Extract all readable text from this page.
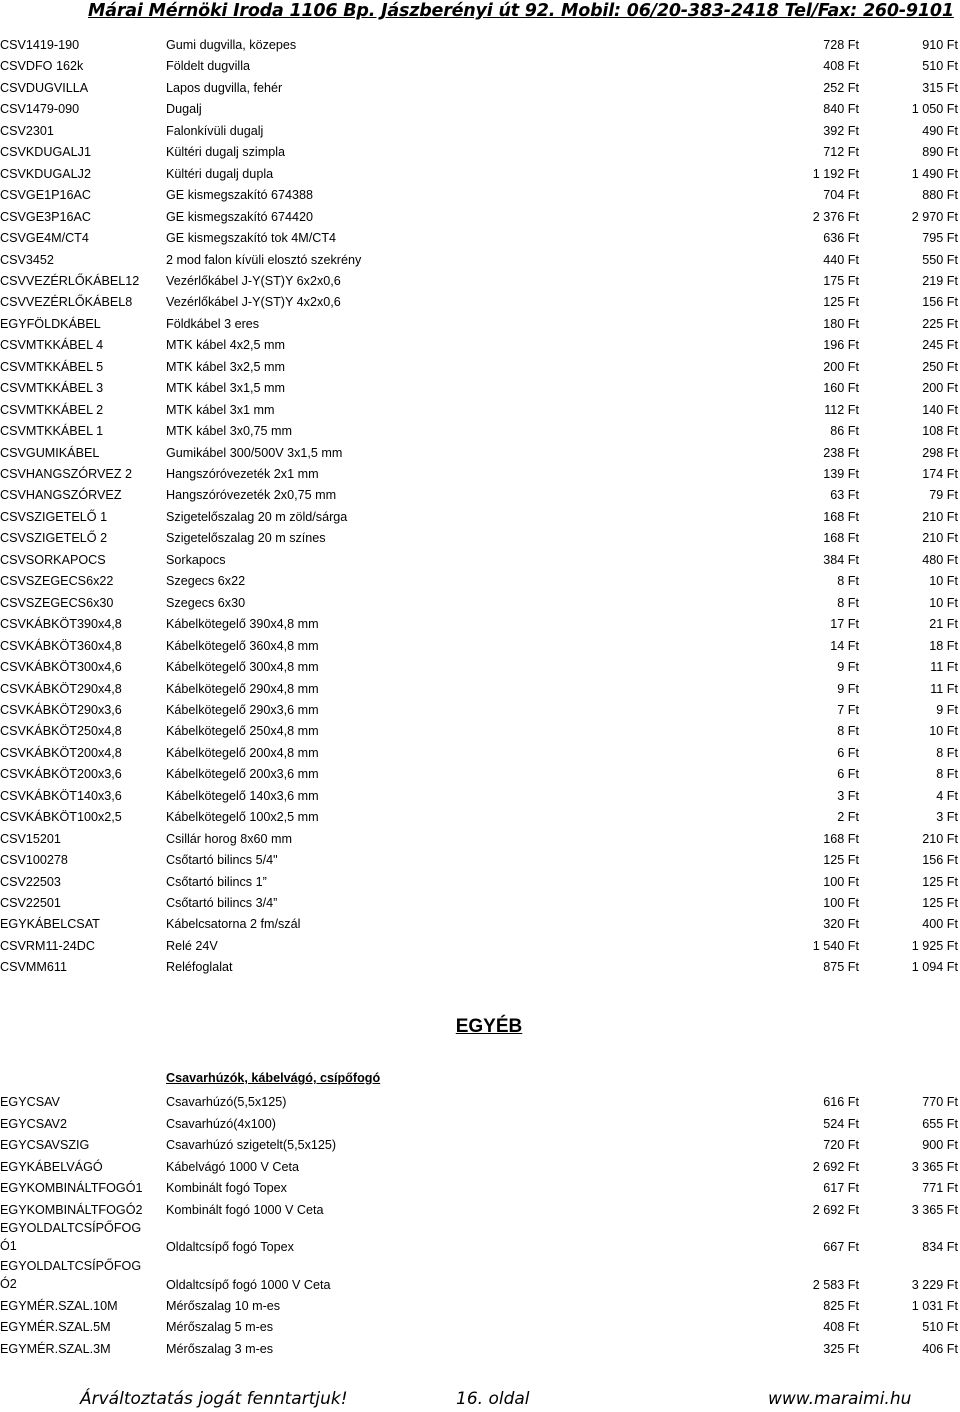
Márai Mérnöki Iroda 1106 Bp. Jászberényi út 92. Mobil: 06/20-383-2418 Tel/Fax: 260-9101
CSV1419-190	Gumi dugvilla, közepes	728 Ft	910 Ft
CSVDFO 162k	Földelt dugvilla	408 Ft	510 Ft
CSVDUGVILLA	Lapos dugvilla, fehér	252 Ft	315 Ft
CSV1479-090	Dugalj	840 Ft	1 050 Ft
CSV2301	Falonkívüli dugalj	392 Ft	490 Ft
CSVKDUGALJ1	Kültéri dugalj szimpla	712 Ft	890 Ft
CSVKDUGALJ2	Kültéri dugalj dupla	1 192 Ft	1 490 Ft
CSVGE1P16AC	GE kismegszakító 674388	704 Ft	880 Ft
CSVGE3P16AC	GE kismegszakító 674420	2 376 Ft	2 970 Ft
CSVGE4M/CT4	GE kismegszakító tok 4M/CT4	636 Ft	795 Ft
CSV3452	2 mod falon kívüli elosztó szekrény	440 Ft	550 Ft
CSVVEZÉRLŐKÁBEL12 Vezérlőkábel J-Y(ST)Y 6x2x0,6	175 Ft	219 Ft
CSVVEZÉRLŐKÁBEL8	Vezérlőkábel J-Y(ST)Y 4x2x0,6	125 Ft	156 Ft
EGYFÖLDKÁBEL	Földkábel 3 eres	180 Ft	225 Ft
CSVMTKKÁBEL 4	MTK kábel 4x2,5 mm	196 Ft	245 Ft
CSVMTKKÁBEL 5	MTK kábel 3x2,5 mm	200 Ft	250 Ft
CSVMTKKÁBEL 3	MTK kábel 3x1,5 mm	160 Ft	200 Ft
CSVMTKKÁBEL 2	MTK kábel 3x1 mm	112 Ft	140 Ft
CSVMTKKÁBEL 1	MTK kábel 3x0,75 mm	86 Ft	108 Ft
CSVGUMIKÁBEL	Gumikábel 300/500V 3x1,5 mm	238 Ft	298 Ft
CSVHANGSZÓRVEZ 2	Hangszóróvezeték 2x1 mm	139 Ft	174 Ft
CSVHANGSZÓRVEZ	Hangszóróvezeték 2x0,75 mm	63 Ft	79 Ft
CSVSZIGETELŐ 1	Szigetelőszalag 20 m zöld/sárga	168 Ft	210 Ft
CSVSZIGETELŐ 2	Szigetelőszalag 20 m színes	168 Ft	210 Ft
CSVSORKAPOCS	Sorkapocs	384 Ft	480 Ft
CSVSZEGECS6x22	Szegecs 6x22	8 Ft	10 Ft
CSVSZEGECS6x30	Szegecs 6x30	8 Ft	10 Ft
CSVKÁBKÖT390x4,8	Kábelkötegelő 390x4,8 mm	17 Ft	21 Ft
CSVKÁBKÖT360x4,8	Kábelkötegelő 360x4,8 mm	14 Ft	18 Ft
CSVKÁBKÖT300x4,6	Kábelkötegelő 300x4,8 mm	9 Ft	11 Ft
CSVKÁBKÖT290x4,8	Kábelkötegelő 290x4,8 mm	9 Ft	11 Ft
CSVKÁBKÖT290x3,6	Kábelkötegelő 290x3,6 mm	7 Ft	9 Ft
CSVKÁBKÖT250x4,8	Kábelkötegelő 250x4,8 mm	8 Ft	10 Ft
CSVKÁBKÖT200x4,8	Kábelkötegelő 200x4,8 mm	6 Ft	8 Ft
CSVKÁBKÖT200x3,6	Kábelkötegelő 200x3,6 mm	6 Ft	8 Ft
CSVKÁBKÖT140x3,6	Kábelkötegelő 140x3,6 mm	3 Ft	4 Ft
CSVKÁBKÖT100x2,5	Kábelkötegelő 100x2,5 mm	2 Ft	3 Ft
CSV15201	Csillár horog 8x60 mm	168 Ft	210 Ft
CSV100278	Csőtartó bilincs 5/4"	125 Ft	156 Ft
CSV22503	Csőtartó bilincs 1”	100 Ft	125 Ft
CSV22501	Csőtartó bilincs 3/4”	100 Ft	125 Ft
EGYKÁBELCSAT	Kábelcsatorna 2 fm/szál	320 Ft	400 Ft
CSVRM11-24DC	Relé 24V	1 540 Ft	1 925 Ft
CSVMM611	Reléfoglalat	875 Ft	1 094 Ft
EGYÉB
Csavarhúzók, kábelvágó, csípőfogó
EGYCSAV	Csavarhúzó(5,5x125)	616 Ft	770 Ft
EGYCSAV2	Csavarhúzó(4x100)	524 Ft	655 Ft
EGYCSAVSZIG	Csavarhúzó szigetelt(5,5x125)	720 Ft	900 Ft
EGYKÁBELVÁGÓ	Kábelvágó 1000 V Ceta	2 692 Ft	3 365 Ft
EGYKOMBINÁLTFOGÓ1 Kombinált fogó Topex	617 Ft	771 Ft
EGYKOMBINÁLTFOGÓ2 Kombinált fogó 1000 V Ceta	2 692 Ft	3 365 Ft
EGYOLDALTCSÍPŐFOG
Ó1	Oldaltcsípő fogó Topex	667 Ft	834 Ft
EGYOLDALTCSÍPŐFOG
Ó2	Oldaltcsípő fogó 1000 V Ceta	2 583 Ft	3 229 Ft
EGYMÉR.SZAL.10M	Mérőszalag 10 m-es	825 Ft	1 031 Ft
EGYMÉR.SZAL.5M	Mérőszalag 5 m-es	408 Ft	510 Ft
EGYMÉR.SZAL.3M	Mérőszalag 3 m-es	325 Ft	406 Ft
Árváltoztatás jogát fenntartjuk!	16. oldal	www.maraimi.hu
